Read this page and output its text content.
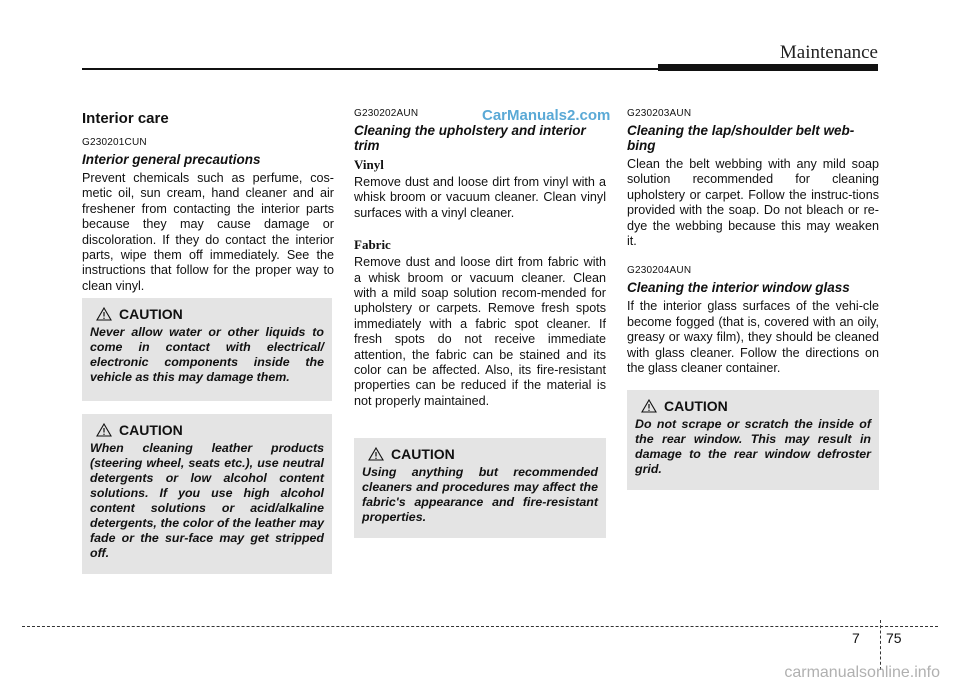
Maintenance
CarManuals2.com
Interior care
G230201CUN
Interior general precautions

Prevent chemicals such as perfume, cos-metic oil, sun cream, hand cleaner and air freshener from contacting the interior parts because they may cause damage or discoloration. If they do contact the interior parts, wipe them off immediately. See the instructions that follow for the proper way to clean vinyl.

CAUTION

Never allow water or other liquids to come in contact with electrical/ electronic components inside the vehicle as this may damage them.

CAUTION

When cleaning leather products (steering wheel, seats etc.), use neutral detergents or low alcohol content solutions. If you use high alcohol content solutions or acid/alkaline detergents, the color of the leather may fade or the sur-face may get stripped off.

G230202AUN
Cleaning the upholstery and interior trim
Vinyl

Remove dust and loose dirt from vinyl with a whisk broom or vacuum cleaner. Clean vinyl surfaces with a vinyl cleaner.

Fabric

Remove dust and loose dirt from fabric with a whisk broom or vacuum cleaner. Clean with a mild soap solution recom-mended for upholstery or carpets. Remove fresh spots immediately with a fabric spot cleaner. If fresh spots do not receive immediate attention, the fabric can be stained and its color can be affected. Also, its fire-resistant properties can be reduced if the material is not properly maintained.

CAUTION

Using anything but recommended cleaners and procedures may affect the fabric's appearance and fire-resistant properties.

G230203AUN
Cleaning the lap/shoulder belt web-bing

Clean the belt webbing with any mild soap solution recommended for cleaning upholstery or carpet. Follow the instruc-tions provided with the soap. Do not bleach or re-dye the webbing because this may weaken it.

G230204AUN
Cleaning the interior window glass

If the interior glass surfaces of the vehi-cle become fogged (that is, covered with an oily, greasy or waxy film), they should be cleaned with glass cleaner. Follow the directions on the glass cleaner container.

CAUTION

Do not scrape or scratch the inside of the rear window. This may result in damage to the rear window defroster grid.

7 75
carmanualsonline.info
